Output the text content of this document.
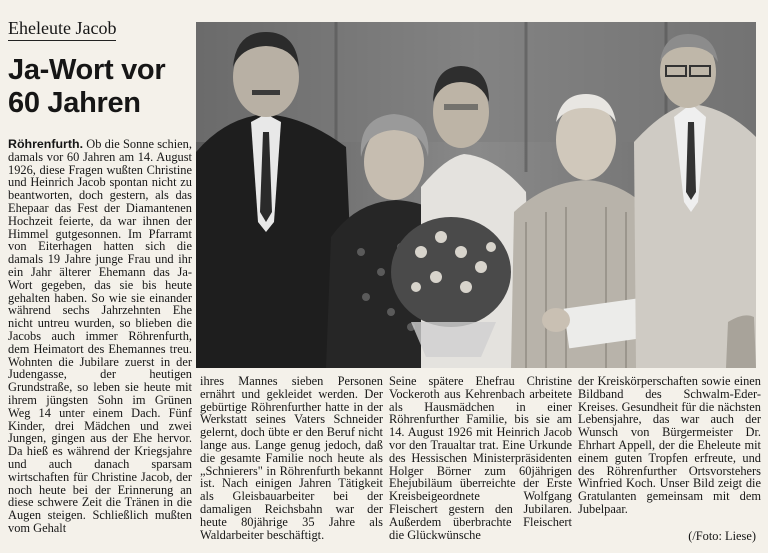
Eheleute Jacob
Ja-Wort vor 60 Jahren
Röhrenfurth. Ob die Sonne schien, damals vor 60 Jahren am 14. August 1926, diese Fragen wußten Christine und Heinrich Jacob spontan nicht zu beantworten, doch gestern, als das Ehepaar das Fest der Diamantenen Hochzeit feierte, da war ihnen der Himmel gutgesonnen. Im Pfarramt von Eiterhagen hatten sich die damals 19 Jahre junge Frau und ihr ein Jahr älterer Ehemann das Ja-Wort gegeben, das sie bis heute gehalten haben. So wie sie einander während sechs Jahrzehnten Ehe nicht untreu wurden, so blieben die Jacobs auch immer Röhrenfurth, dem Heimatort des Ehemannes treu. Wohnten die Jubilare zuerst in der Judengasse, der heutigen Grundstraße, so leben sie heute mit ihrem jüngsten Sohn im Grünen Weg 14 unter einem Dach. Fünf Kinder, drei Mädchen und zwei Jungen, gingen aus der Ehe hervor. Da hieß es während der Kriegsjahre und auch danach sparsam wirtschaften für Christine Jacob, der noch heute bei der Erinnerung an diese schwere Zeit die Tränen in die Augen steigen. Schließlich mußten vom Gehalt
ihres Mannes sieben Personen ernährt und gekleidet werden. Der gebürtige Röhrenfurther hatte in der Werkstatt seines Vaters Schneider gelernt, doch übte er den Beruf nicht lange aus. Lange genug jedoch, daß die gesamte Familie noch heute als „Schnierers" in Röhrenfurth bekannt ist. Nach einigen Jahren Tätigkeit als Gleisbauarbeiter bei der damaligen Reichsbahn war der heute 80jährige 35 Jahre als Waldarbeiter beschäftigt.
Seine spätere Ehefrau Christine Vockeroth aus Kehrenbach arbeitete als Hausmädchen in einer Röhrenfurther Familie, bis sie am 14. August 1926 mit Heinrich Jacob vor den Traualtar trat. Eine Urkunde des Hessischen Ministerpräsidenten Holger Börner zum 60jährigen Ehejubiläum überreichte der Erste Kreisbeigeordnete Wolfgang Fleischert gestern den Jubilaren. Außerdem überbrachte Fleischert die Glückwünsche
der Kreiskörperschaften sowie einen Bildband des Schwalm-Eder-Kreises. Gesundheit für die nächsten Lebensjahre, das war auch der Wunsch von Bürgermeister Dr. Ehrhart Appell, der die Eheleute mit einem guten Tropfen erfreute, und des Röhrenfurther Ortsvorstehers Winfried Koch. Unser Bild zeigt die Gratulanten gemeinsam mit dem Jubelpaar.
(/Foto: Liese)
